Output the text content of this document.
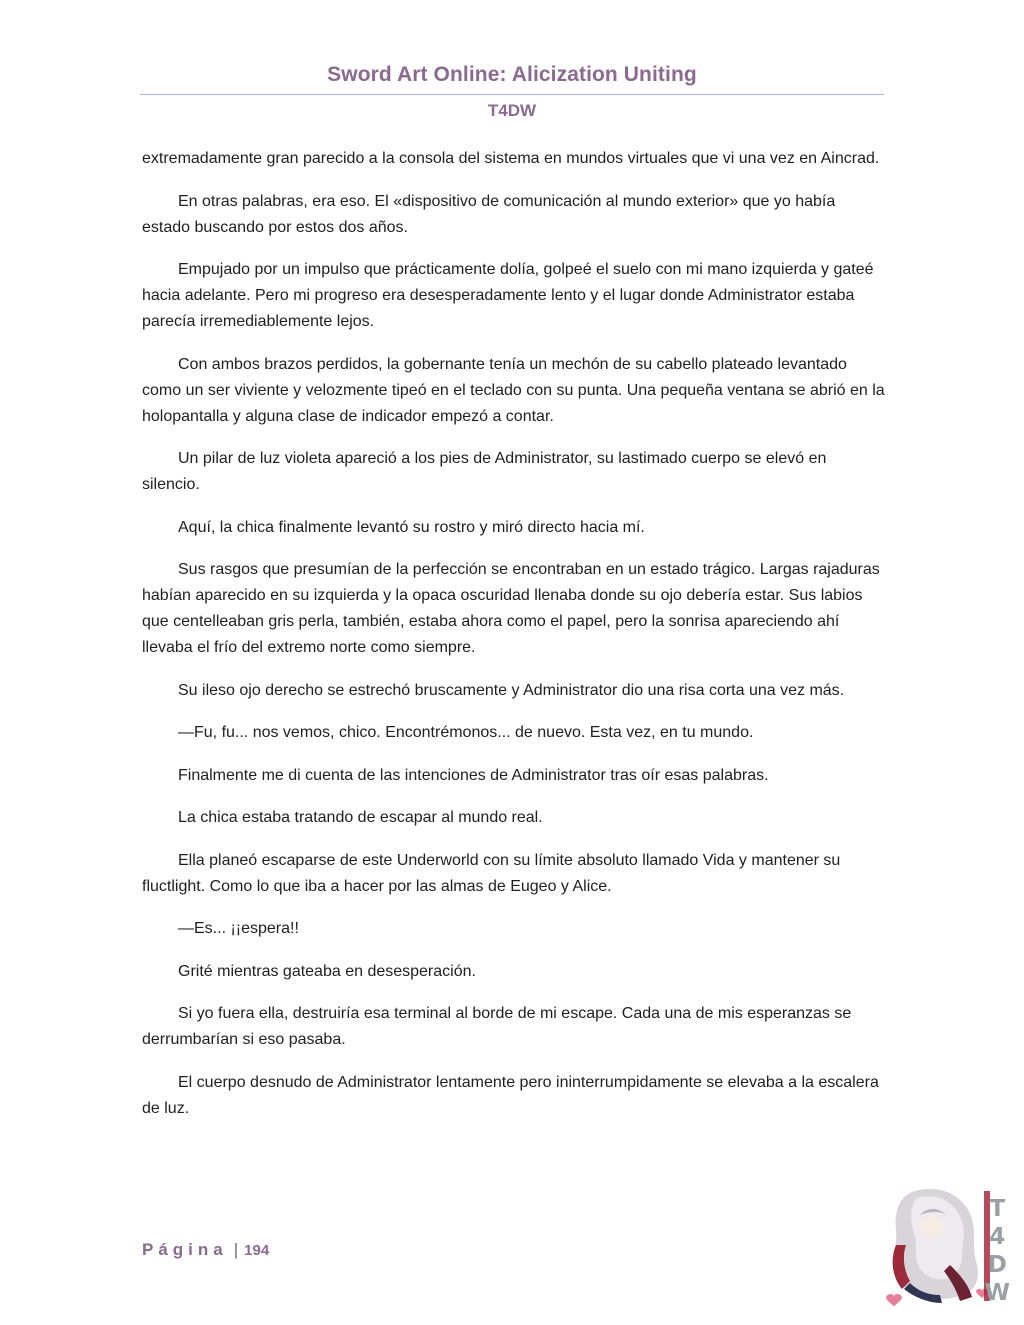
Sword Art Online: Alicization Uniting
T4DW

extremadamente gran parecido a la consola del sistema en mundos virtuales que vi una vez en Aincrad.

En otras palabras, era eso. El «dispositivo de comunicación al mundo exterior» que yo había estado buscando por estos dos años.

Empujado por un impulso que prácticamente dolía, golpeé el suelo con mi mano izquierda y gateé hacia adelante. Pero mi progreso era desesperadamente lento y el lugar donde Administrator estaba parecía irremediablemente lejos.

Con ambos brazos perdidos, la gobernante tenía un mechón de su cabello plateado levantado como un ser viviente y velozmente tipeó en el teclado con su punta. Una pequeña ventana se abrió en la holopantalla y alguna clase de indicador empezó a contar.

Un pilar de luz violeta apareció a los pies de Administrator, su lastimado cuerpo se elevó en silencio.

Aquí, la chica finalmente levantó su rostro y miró directo hacia mí.

Sus rasgos que presumían de la perfección se encontraban en un estado trágico. Largas rajaduras habían aparecido en su izquierda y la opaca oscuridad llenaba donde su ojo debería estar. Sus labios que centelleaban gris perla, también, estaba ahora como el papel, pero la sonrisa apareciendo ahí llevaba el frío del extremo norte como siempre.

Su ileso ojo derecho se estrechó bruscamente y Administrator dio una risa corta una vez más.

—Fu, fu... nos vemos, chico. Encontrémonos... de nuevo. Esta vez, en tu mundo.

Finalmente me di cuenta de las intenciones de Administrator tras oír esas palabras.

La chica estaba tratando de escapar al mundo real.

Ella planeó escaparse de este Underworld con su límite absoluto llamado Vida y mantener su fluctlight. Como lo que iba a hacer por las almas de Eugeo y Alice.

—Es... ¡¡espera!!

Grité mientras gateaba en desesperación.

Si yo fuera ella, destruiría esa terminal al borde de mi escape. Cada una de mis esperanzas se derrumbarían si eso pasaba.

El cuerpo desnudo de Administrator lentamente pero ininterrumpidamente se elevaba a la escalera de luz.

Página | 194
T
4
D
W
